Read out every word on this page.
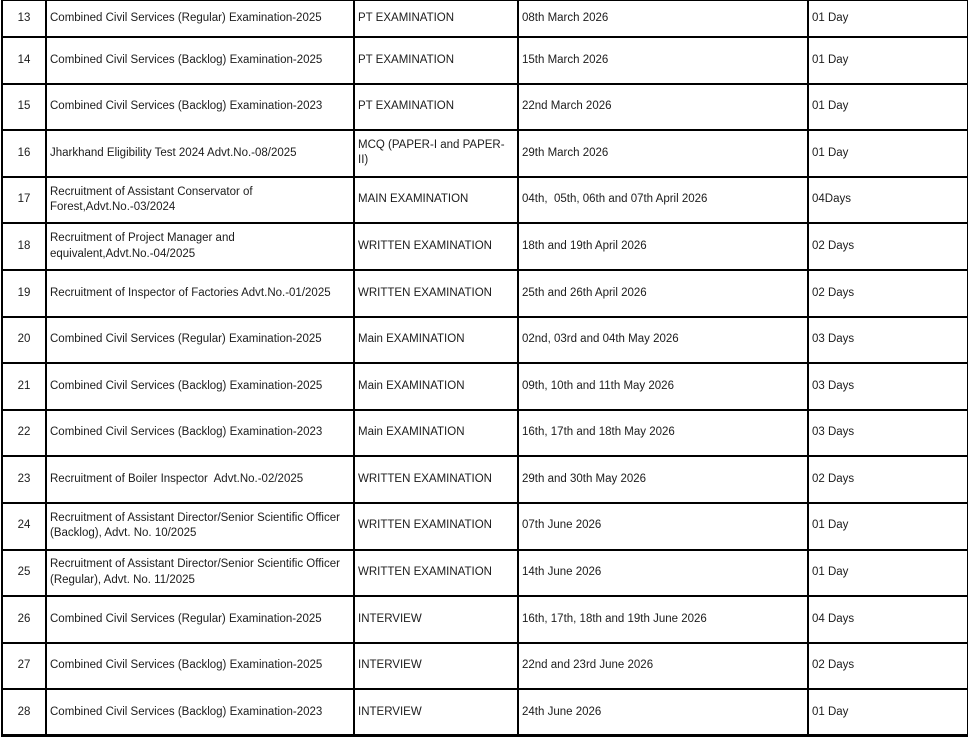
13	Combined Civil Services (Regular) Examination-2025	PT EXAMINATION	08th March 2026	01 Day
14	Combined Civil Services (Backlog) Examination-2025	PT EXAMINATION	15th March 2026	01 Day
15	Combined Civil Services (Backlog) Examination-2023	PT EXAMINATION	22nd March 2026	01 Day
16	Jharkhand Eligibility Test 2024 Advt.No.-08/2025	MCQ (PAPER-I and PAPER-II)	29th March 2026	01 Day
17	Recruitment of Assistant Conservator of Forest,Advt.No.-03/2024	MAIN EXAMINATION	04th,  05th, 06th and 07th April 2026	04Days
18	Recruitment of Project Manager and equivalent,Advt.No.-04/2025	WRITTEN EXAMINATION	18th and 19th April 2026	02 Days
19	Recruitment of Inspector of Factories Advt.No.-01/2025	WRITTEN EXAMINATION	25th and 26th April 2026	02 Days
20	Combined Civil Services (Regular) Examination-2025	Main EXAMINATION	02nd, 03rd and 04th May 2026	03 Days
21	Combined Civil Services (Backlog) Examination-2025	Main EXAMINATION	09th, 10th and 11th May 2026	03 Days
22	Combined Civil Services (Backlog) Examination-2023	Main EXAMINATION	16th, 17th and 18th May 2026	03 Days
23	Recruitment of Boiler Inspector  Advt.No.-02/2025	WRITTEN EXAMINATION	29th and 30th May 2026	02 Days
24	Recruitment of Assistant Director/Senior Scientific Officer (Backlog), Advt. No. 10/2025	WRITTEN EXAMINATION	07th June 2026	01 Day
25	Recruitment of Assistant Director/Senior Scientific Officer (Regular), Advt. No. 11/2025	WRITTEN EXAMINATION	14th June 2026	01 Day
26	Combined Civil Services (Regular) Examination-2025	INTERVIEW	16th, 17th, 18th and 19th June 2026	04 Days
27	Combined Civil Services (Backlog) Examination-2025	INTERVIEW	22nd and 23rd June 2026	02 Days
28	Combined Civil Services (Backlog) Examination-2023	INTERVIEW	24th June 2026	01 Day
